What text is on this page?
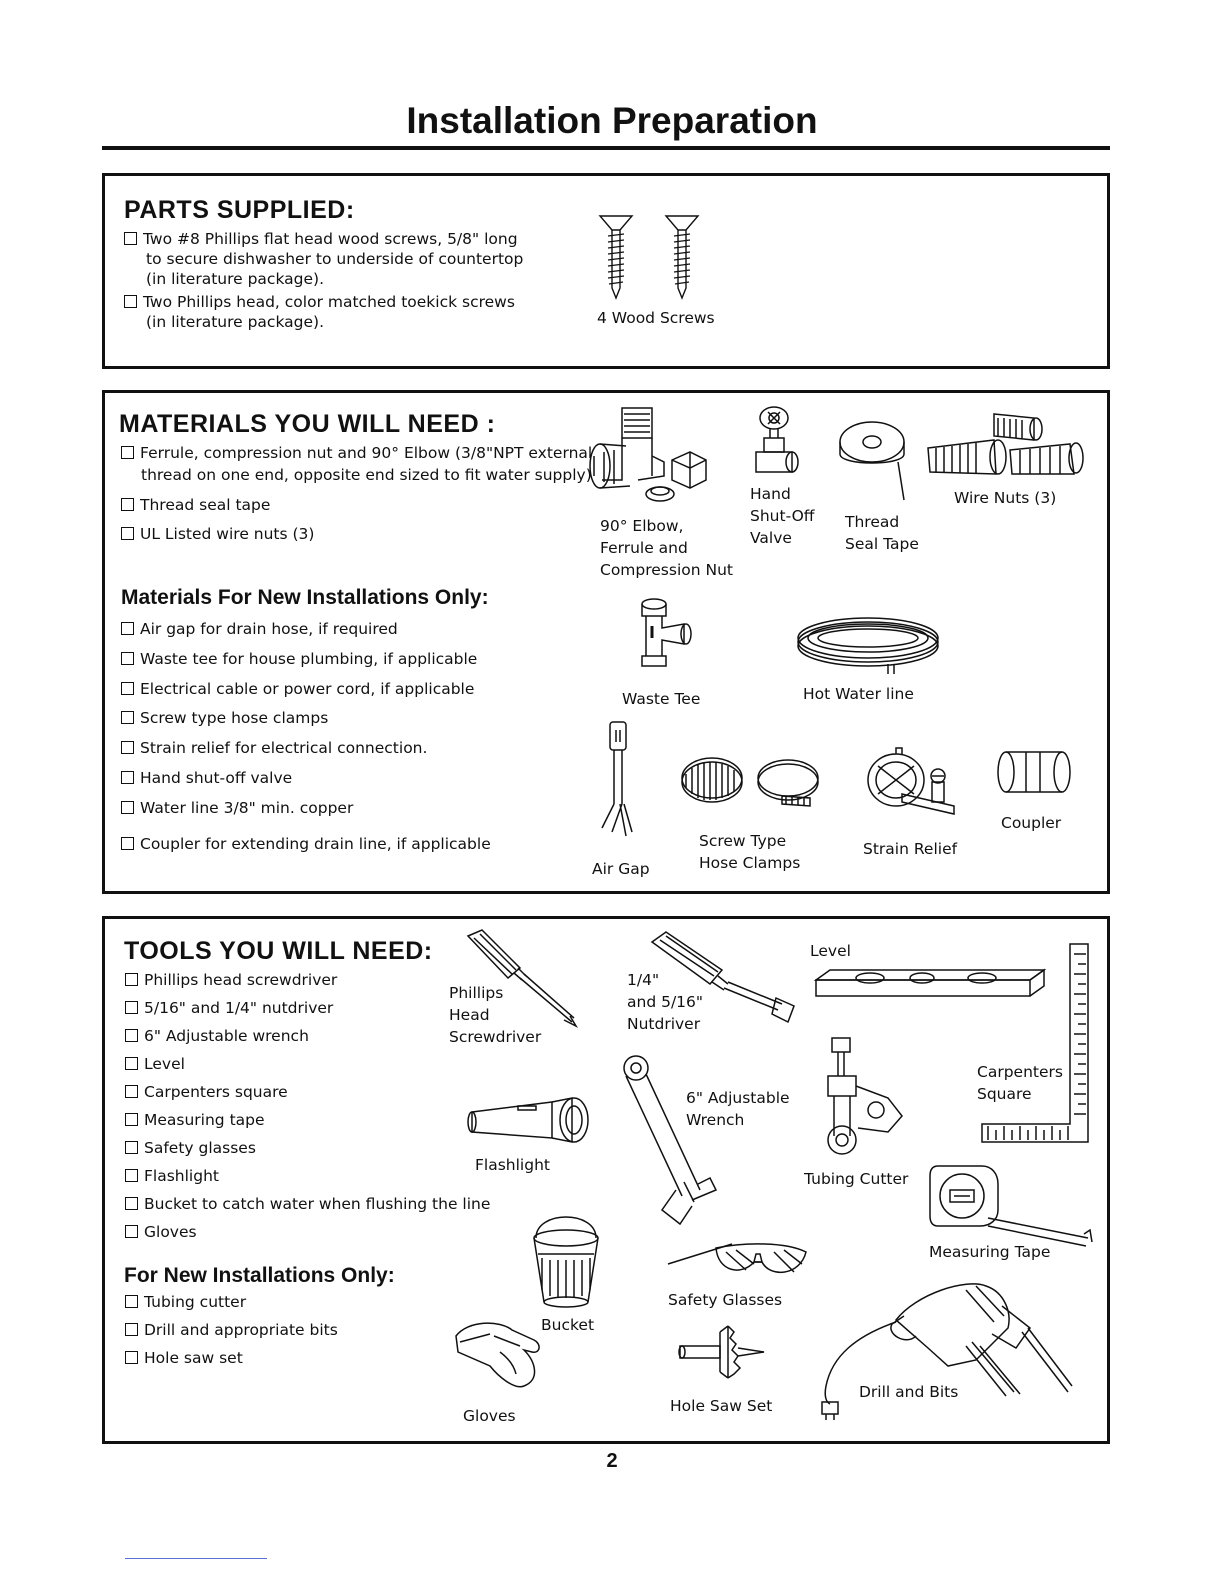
Installation Preparation
PARTS SUPPLIED:
Two #8 Phillips flat head wood screws, 5/8" long
to secure dishwasher to underside of countertop
(in literature package).
Two Phillips head, color matched toekick screws
(in literature package).	4 Wood Screws
MATERIALS YOU WILL NEED :
Ferrule, compression nut and 90° Elbow (3/8"NPT external
thread on one end, opposite end sized to fit water supply)
Thread seal tape
UL Listed wire nuts (3)
Materials For New Installations Only:
Air gap for drain hose, if required
Waste tee for house plumbing, if applicable
Electrical cable or power cord, if applicable
Screw type hose clamps
Strain relief for electrical connection.
Hand shut-off valve
Water line 3/8" min. copper
Coupler for extending drain line, if applicable
90° Elbow,
Ferrule and
Compression Nut
Hand
Shut-Off
Valve
Thread
Seal Tape
Wire Nuts (3)
Waste Tee	Hot Water line
Air Gap
Screw Type
Hose Clamps
Strain Relief
Coupler
TOOLS YOU WILL NEED:
Phillips head screwdriver
5/16" and 1/4" nutdriver
6" Adjustable wrench
Level
Carpenters square
Measuring tape
Safety glasses
Flashlight
Bucket to catch water when flushing the line
Gloves
For New Installations Only:
Tubing cutter
Drill and appropriate bits
Hole saw set
Phillips
Head
Screwdriver
1/4"
and 5/16"
Nutdriver
Level
Carpenters
Square
6" Adjustable
Wrench
Flashlight
Tubing Cutter
Measuring Tape
Bucket
Gloves
Safety Glasses
Hole Saw Set
Drill and Bits
2
